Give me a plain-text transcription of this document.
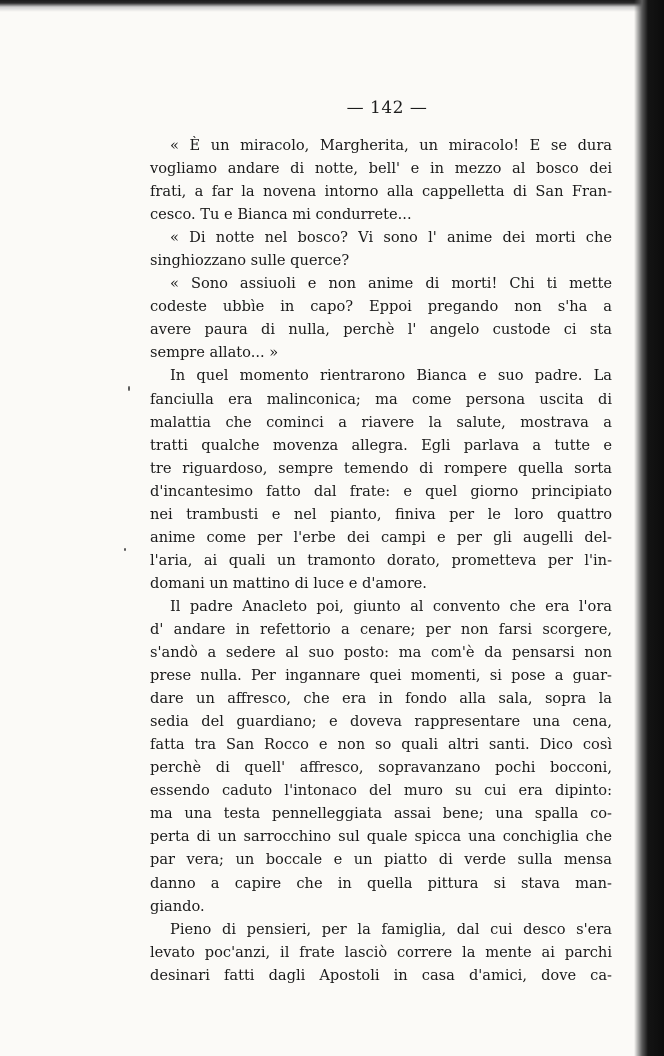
— 142 —
« È un miracolo, Margherita, un miracolo! E se dura
vogliamo andare di notte, bell' e in mezzo al bosco dei
frati, a far la novena intorno alla cappelletta di San Fran-
cesco. Tu e Bianca mi condurrete...
« Di notte nel bosco? Vi sono l' anime dei morti che
singhiozzano sulle querce?
« Sono assiuoli e non anime di morti! Chi ti mette
codeste ubbìe in capo? Eppoi pregando non s'ha a
avere paura di nulla, perchè l' angelo custode ci sta
sempre allato... »
In quel momento rientrarono Bianca e suo padre. La
fanciulla era malinconica; ma come persona uscita di
malattia che cominci a riavere la salute, mostrava a
tratti qualche movenza allegra. Egli parlava a tutte e
tre riguardoso, sempre temendo di rompere quella sorta
d'incantesimo fatto dal frate: e quel giorno principiato
nei trambusti e nel pianto, finiva per le loro quattro
anime come per l'erbe dei campi e per gli augelli del-
l'aria, ai quali un tramonto dorato, prometteva per l'in-
domani un mattino di luce e d'amore.
Il padre Anacleto poi, giunto al convento che era l'ora
d' andare in refettorio a cenare; per non farsi scorgere,
s'andò a sedere al suo posto: ma com'è da pensarsi non
prese nulla. Per ingannare quei momenti, si pose a guar-
dare un affresco, che era in fondo alla sala, sopra la
sedia del guardiano; e doveva rappresentare una cena,
fatta tra San Rocco e non so quali altri santi. Dico così
perchè di quell' affresco, sopravanzano pochi bocconi,
essendo caduto l'intonaco del muro su cui era dipinto:
ma una testa pennelleggiata assai bene; una spalla co-
perta di un sarrocchino sul quale spicca una conchiglia che
par vera; un boccale e un piatto di verde sulla mensa
danno a capire che in quella pittura si stava man-
giando.
Pieno di pensieri, per la famiglia, dal cui desco s'era
levato poc'anzi, il frate lasciò correre la mente ai parchi
desinari fatti dagli Apostoli in casa d'amici, dove ca-
